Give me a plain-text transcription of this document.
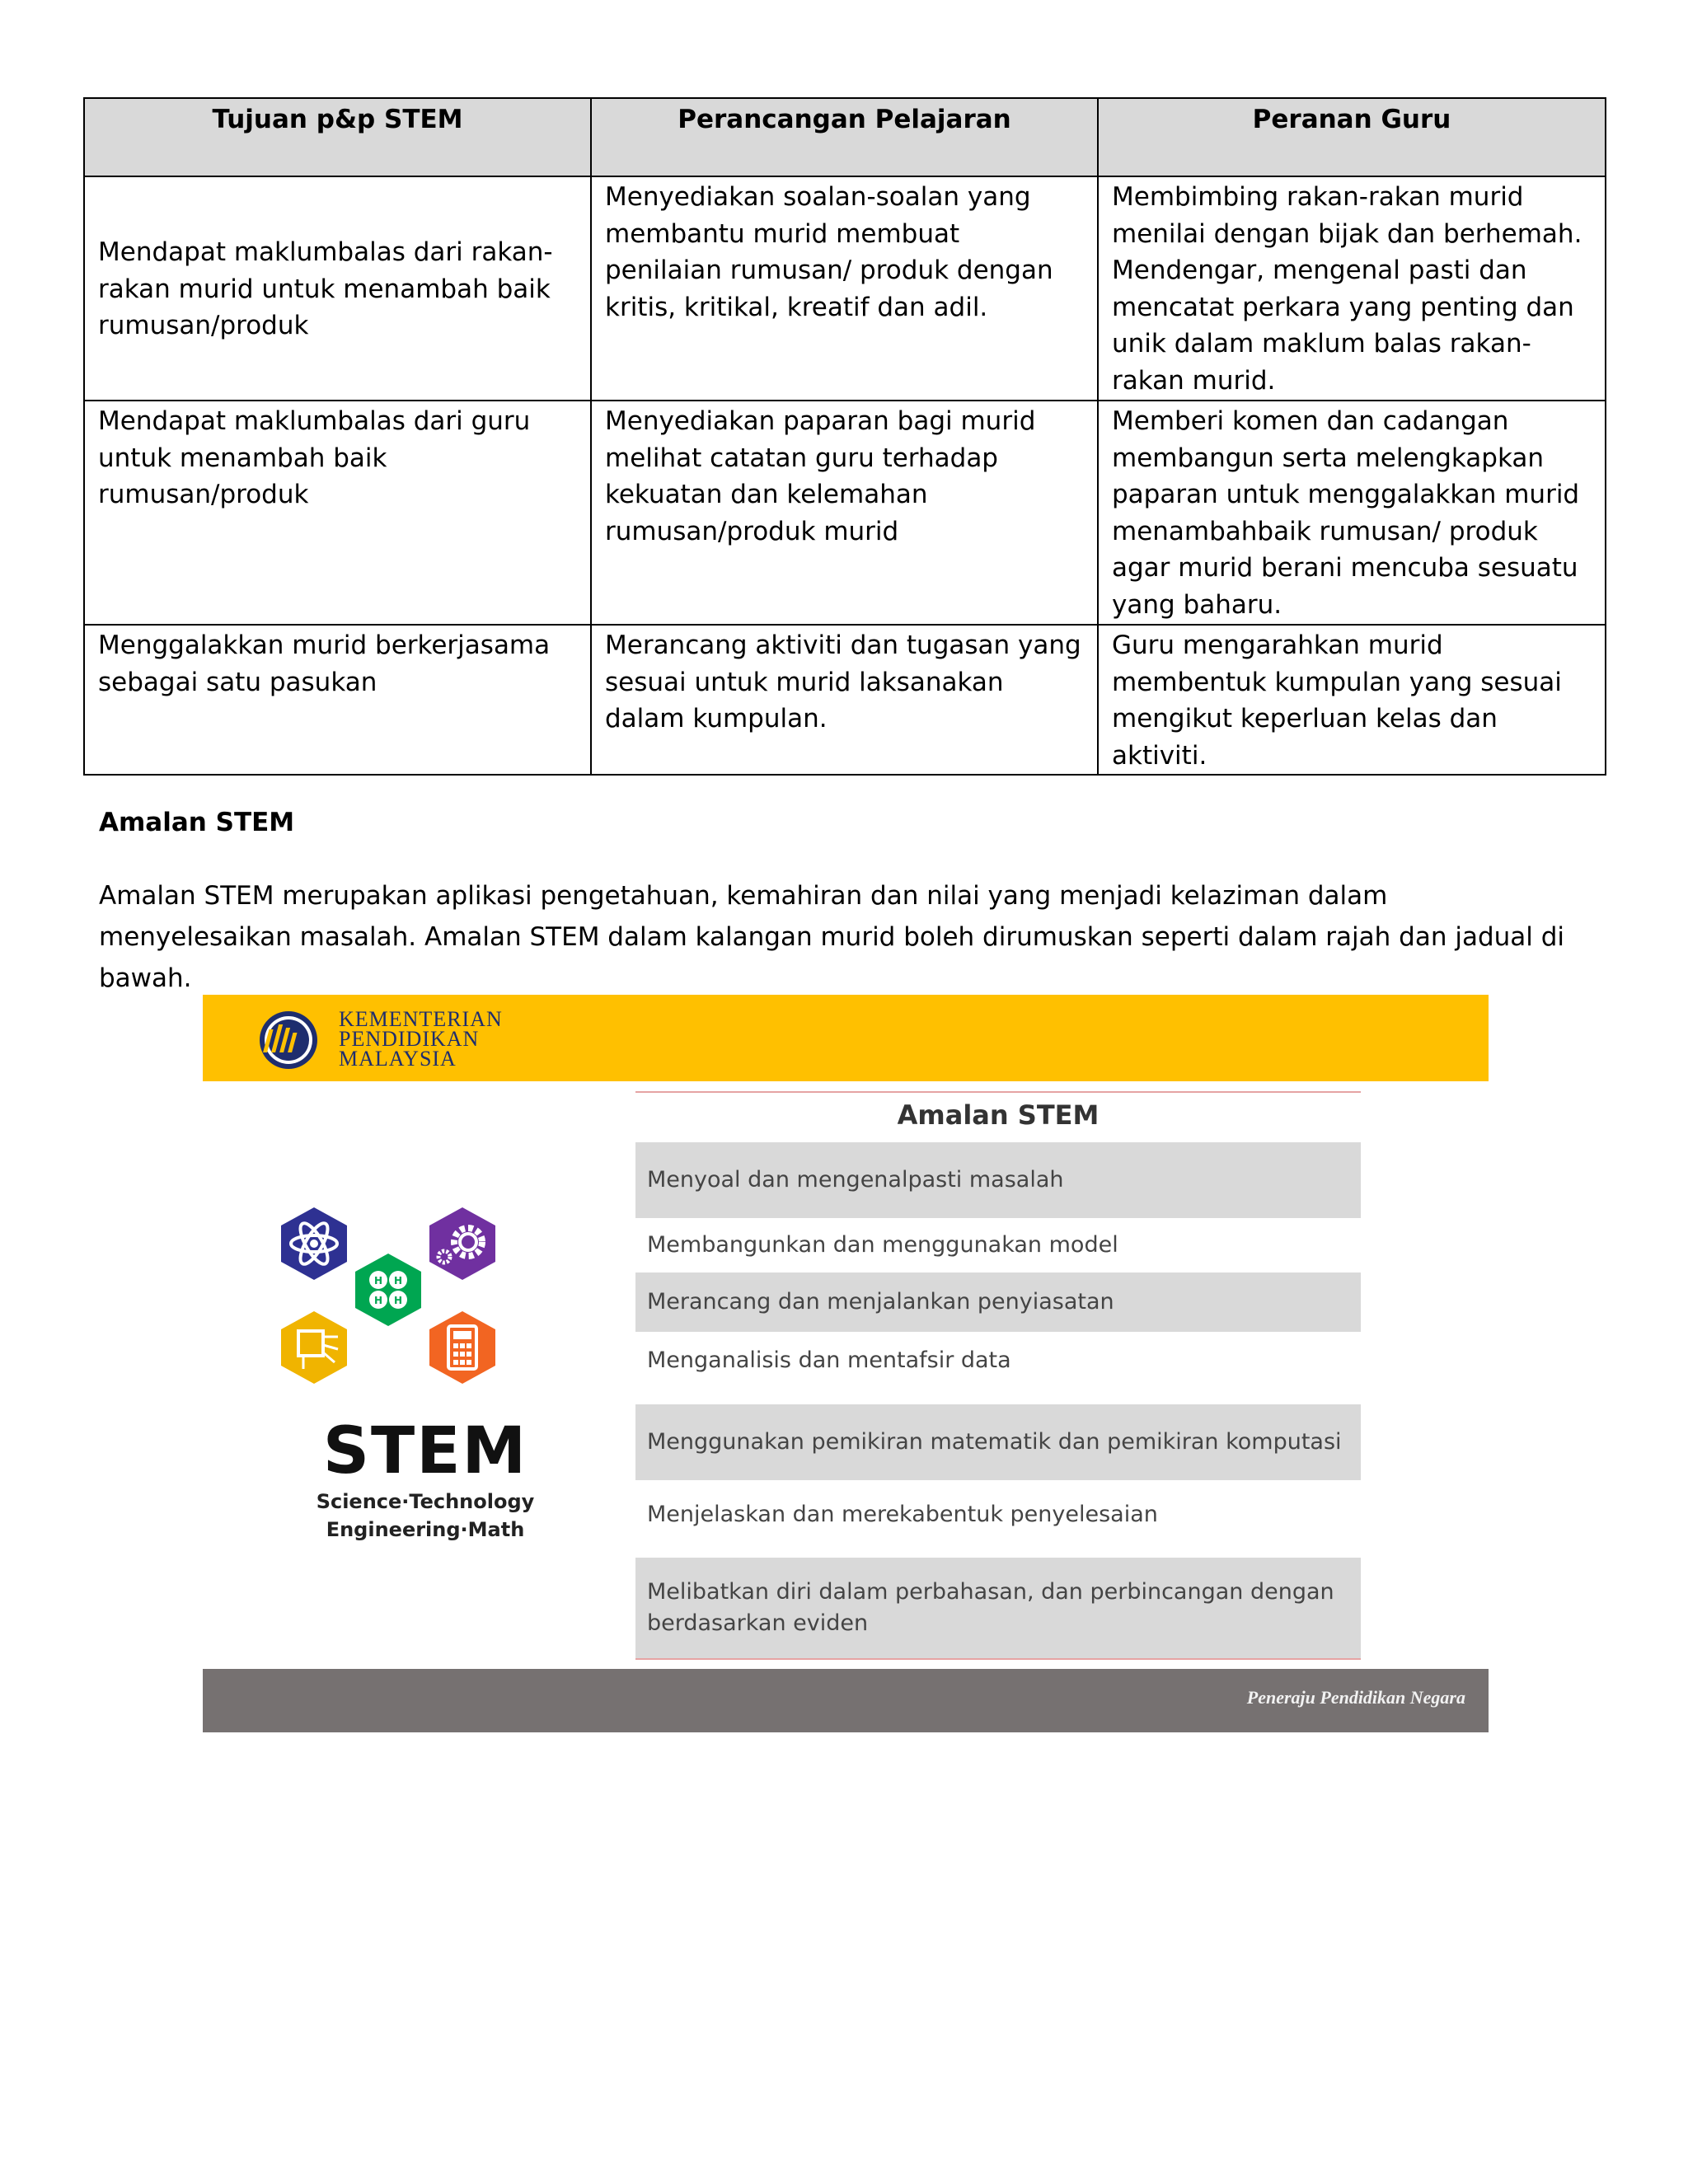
Tujuan p&p STEM	Perancangan Pelajaran	Peranan Guru
Mendapat maklumbalas dari rakan-rakan murid untuk menambah baik rumusan/produk	Menyediakan soalan-soalan yang membantu murid membuat penilaian rumusan/ produk dengan kritis, kritikal, kreatif dan adil.	Membimbing rakan-rakan murid menilai dengan bijak dan berhemah. Mendengar, mengenal pasti dan mencatat perkara yang penting dan unik dalam maklum balas rakan-rakan murid.
Mendapat maklumbalas dari guru untuk menambah baik rumusan/produk	Menyediakan paparan bagi murid melihat catatan guru terhadap kekuatan dan kelemahan rumusan/produk murid	Memberi komen dan cadangan membangun serta melengkapkan paparan untuk menggalakkan murid menambahbaik rumusan/ produk agar murid berani mencuba sesuatu yang baharu.
Menggalakkan murid berkerjasama sebagai satu pasukan	Merancang aktiviti dan tugasan yang sesuai untuk murid laksanakan dalam kumpulan.	Guru mengarahkan murid membentuk kumpulan yang sesuai mengikut keperluan kelas dan aktiviti.
Amalan STEM

Amalan STEM merupakan aplikasi pengetahuan, kemahiran dan nilai yang menjadi kelaziman dalam menyelesaikan masalah. Amalan STEM dalam kalangan murid boleh dirumuskan seperti dalam rajah dan jadual di bawah.

KEMENTERIAN
PENDIDIKAN
MALAYSIA

H H
H H

STEM

Science·Technology
Engineering·Math

Amalan STEM

Menyoal dan mengenalpasti masalah
Membangunkan dan menggunakan model
Merancang dan menjalankan penyiasatan
Menganalisis dan mentafsir data
Menggunakan pemikiran matematik dan pemikiran komputasi
Menjelaskan dan merekabentuk penyelesaian
Melibatkan diri dalam perbahasan, dan perbincangan dengan berdasarkan eviden

Peneraju Pendidikan Negara
